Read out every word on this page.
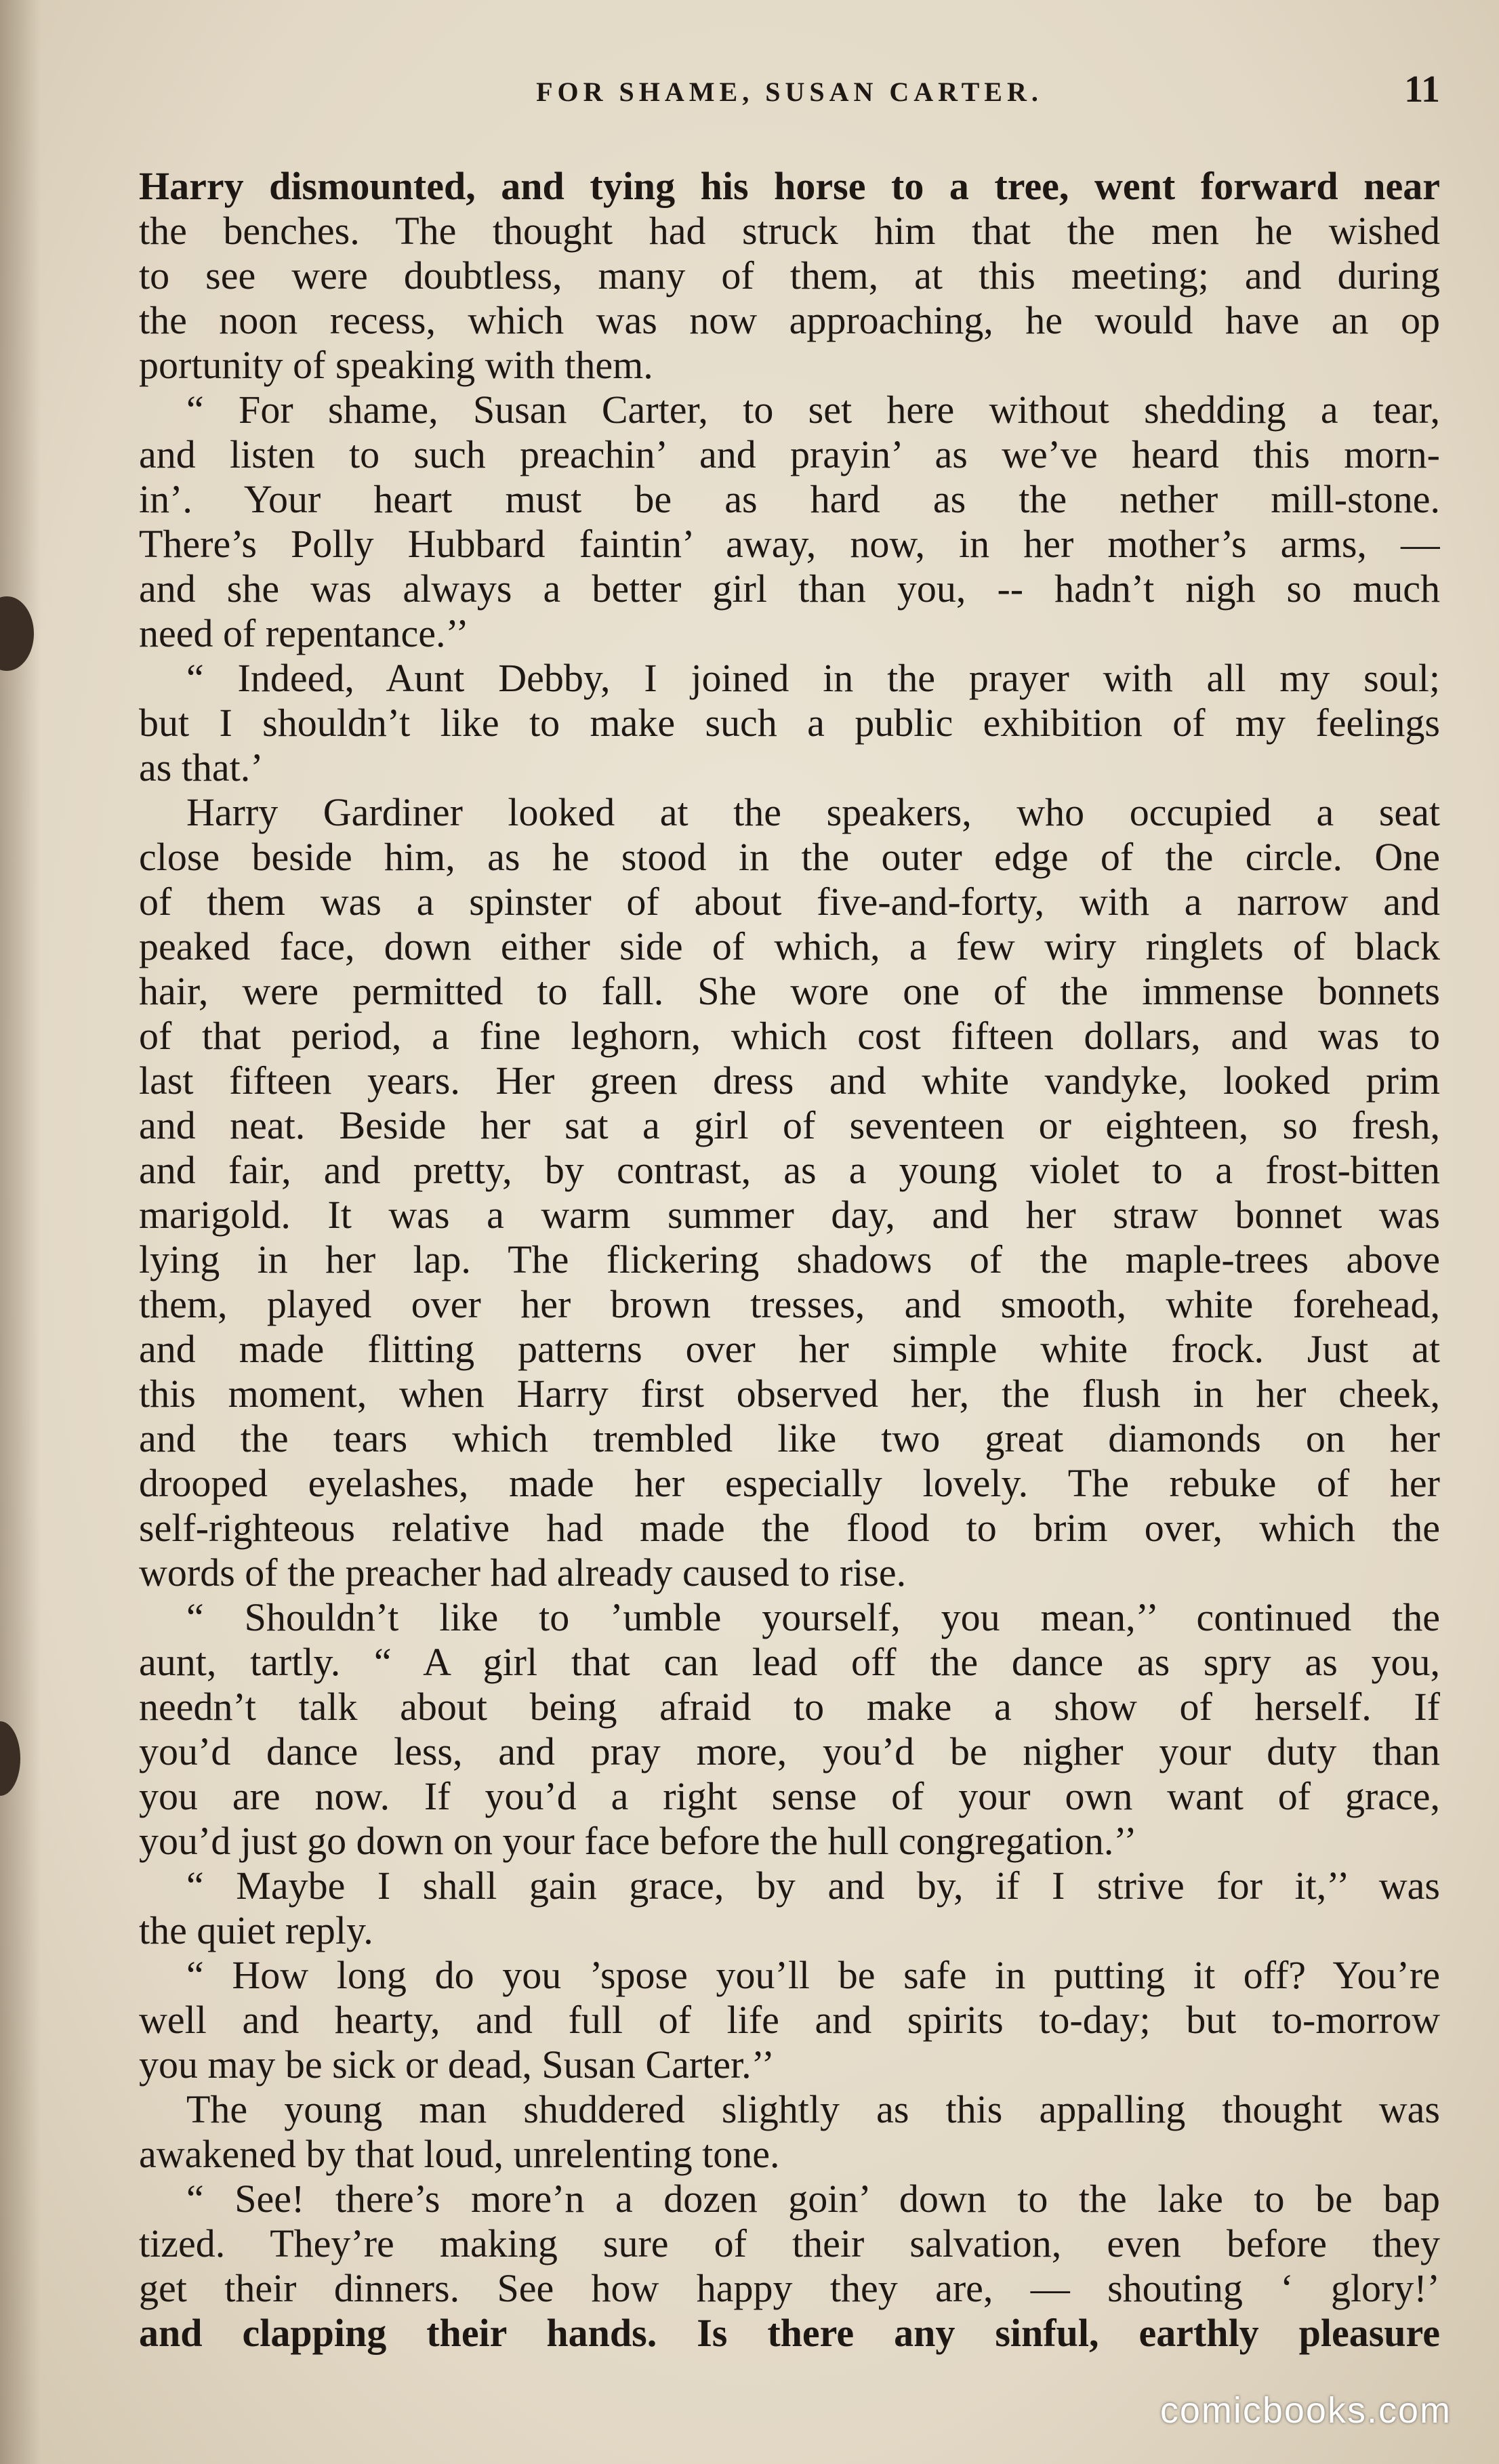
FOR SHAME, SUSAN CARTER.	11
Harry dismounted, and tying his horse to a tree, went forward near
the benches. The thought had struck him that the men he wished
to see were doubtless, many of them, at this meeting; and during
the noon recess, which was now approaching, he would have an op
portunity of speaking with them.
“ For shame, Susan Carter, to set here without shedding a tear,
and listen to such preachin’ and prayin’ as we’ve heard this morn-
in’. Your heart must be as hard as the nether mill-stone.
There’s Polly Hubbard faintin’ away, now, in her mother’s arms, —
and she was always a better girl than you, -- hadn’t nigh so much
need of repentance.’’
“ Indeed, Aunt Debby, I joined in the prayer with all my soul;
but I shouldn’t like to make such a public exhibition of my feelings
as that.’
Harry Gardiner looked at the speakers, who occupied a seat
close beside him, as he stood in the outer edge of the circle. One
of them was a spinster of about five-and-forty, with a narrow and
peaked face, down either side of which, a few wiry ringlets of black
hair, were permitted to fall. She wore one of the immense bonnets
of that period, a fine leghorn, which cost fifteen dollars, and was to
last fifteen years. Her green dress and white vandyke, looked prim
and neat. Beside her sat a girl of seventeen or eighteen, so fresh,
and fair, and pretty, by contrast, as a young violet to a frost-bitten
marigold. It was a warm summer day, and her straw bonnet was
lying in her lap. The flickering shadows of the maple-trees above
them, played over her brown tresses, and smooth, white forehead,
and made flitting patterns over her simple white frock. Just at
this moment, when Harry first observed her, the flush in her cheek,
and the tears which trembled like two great diamonds on her
drooped eyelashes, made her especially lovely. The rebuke of her
self-righteous relative had made the flood to brim over, which the
words of the preacher had already caused to rise.
“ Shouldn’t like to ’umble yourself, you mean,’’ continued the
aunt, tartly. “ A girl that can lead off the dance as spry as you,
needn’t talk about being afraid to make a show of herself. If
you’d dance less, and pray more, you’d be nigher your duty than
you are now. If you’d a right sense of your own want of grace,
you’d just go down on your face before the hull congregation.’’
“ Maybe I shall gain grace, by and by, if I strive for it,’’ was
the quiet reply.
“ How long do you ’spose you’ll be safe in putting it off? You’re
well and hearty, and full of life and spirits to-day; but to-morrow
you may be sick or dead, Susan Carter.’’
The young man shuddered slightly as this appalling thought was
awakened by that loud, unrelenting tone.
“ See! there’s more’n a dozen goin’ down to the lake to be bap
tized. They’re making sure of their salvation, even before they
get their dinners. See how happy they are, — shouting ‘ glory!’
and clapping their hands. Is there any sinful, earthly pleasure
comicbooks.com
